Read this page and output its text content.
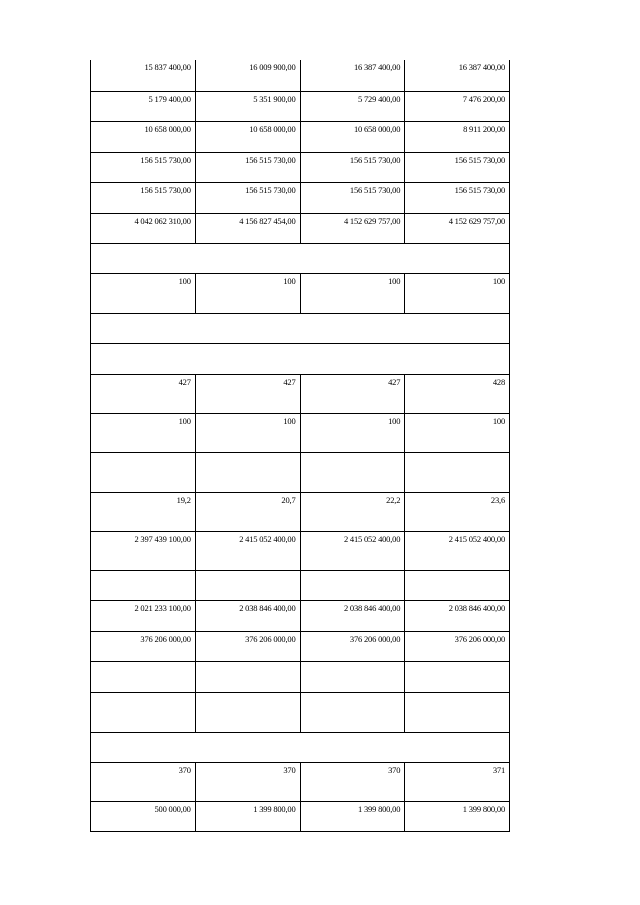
15 837 400,00	16 009 900,00	16 387 400,00	16 387 400,00
5 179 400,00	5 351 900,00	5 729 400,00	7 476 200,00
10 658 000,00	10 658 000,00	10 658 000,00	8 911 200,00
156 515 730,00	156 515 730,00	156 515 730,00	156 515 730,00
156 515 730,00	156 515 730,00	156 515 730,00	156 515 730,00
4 042 062 310,00	4 156 827 454,00	4 152 629 757,00	4 152 629 757,00
100	100	100	100
427	427	427	428
100	100	100	100
19,2	20,7	22,2	23,6
2 397 439 100,00	2 415 052 400,00	2 415 052 400,00	2 415 052 400,00
2 021 233 100,00	2 038 846 400,00	2 038 846 400,00	2 038 846 400,00
376 206 000,00	376 206 000,00	376 206 000,00	376 206 000,00
370	370	370	371
500 000,00	1 399 800,00	1 399 800,00	1 399 800,00
